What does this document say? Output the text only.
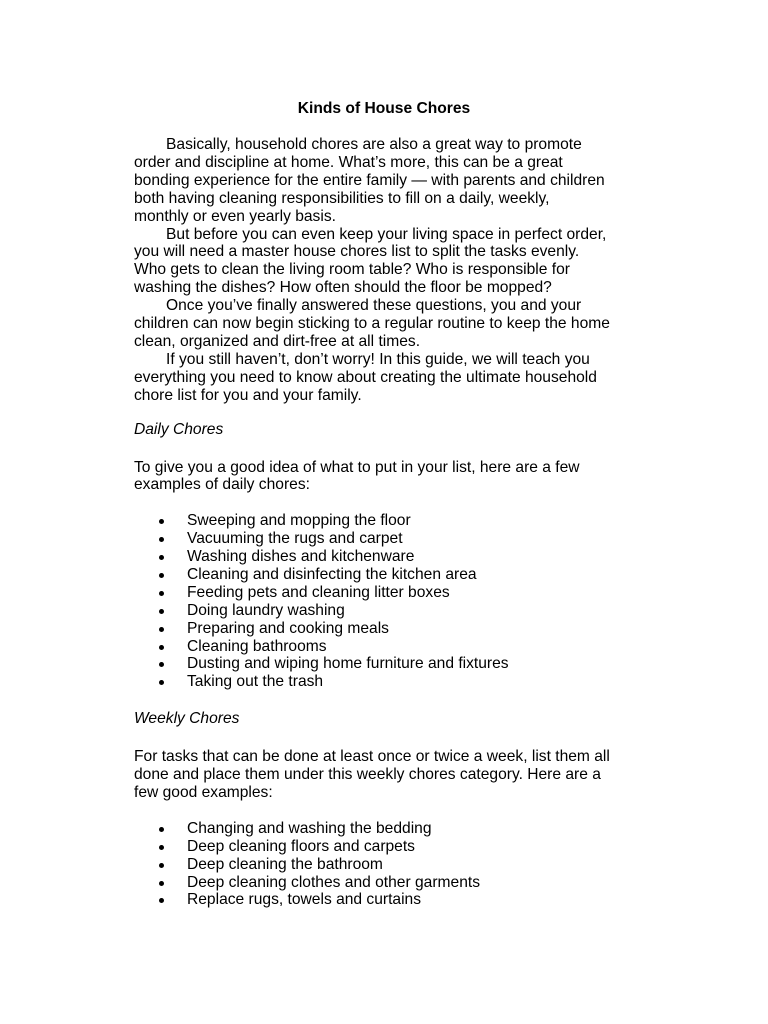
Kinds of House Chores

Basically, household chores are also a great way to promote
order and discipline at home. What’s more, this can be a great
bonding experience for the entire family — with parents and children
both having cleaning responsibilities to fill on a daily, weekly,
monthly or even yearly basis.

But before you can even keep your living space in perfect order,
you will need a master house chores list to split the tasks evenly.
Who gets to clean the living room table? Who is responsible for
washing the dishes? How often should the floor be mopped?

Once you’ve finally answered these questions, you and your
children can now begin sticking to a regular routine to keep the home
clean, organized and dirt-free at all times.

If you still haven’t, don’t worry! In this guide, we will teach you
everything you need to know about creating the ultimate household
chore list for you and your family.

Daily Chores

To give you a good idea of what to put in your list, here are a few
examples of daily chores:

Sweeping and mopping the floor
Vacuuming the rugs and carpet
Washing dishes and kitchenware
Cleaning and disinfecting the kitchen area
Feeding pets and cleaning litter boxes
Doing laundry washing
Preparing and cooking meals
Cleaning bathrooms
Dusting and wiping home furniture and fixtures
Taking out the trash
Weekly Chores

For tasks that can be done at least once or twice a week, list them all
done and place them under this weekly chores category. Here are a
few good examples:

Changing and washing the bedding
Deep cleaning floors and carpets
Deep cleaning the bathroom
Deep cleaning clothes and other garments
Replace rugs, towels and curtains
